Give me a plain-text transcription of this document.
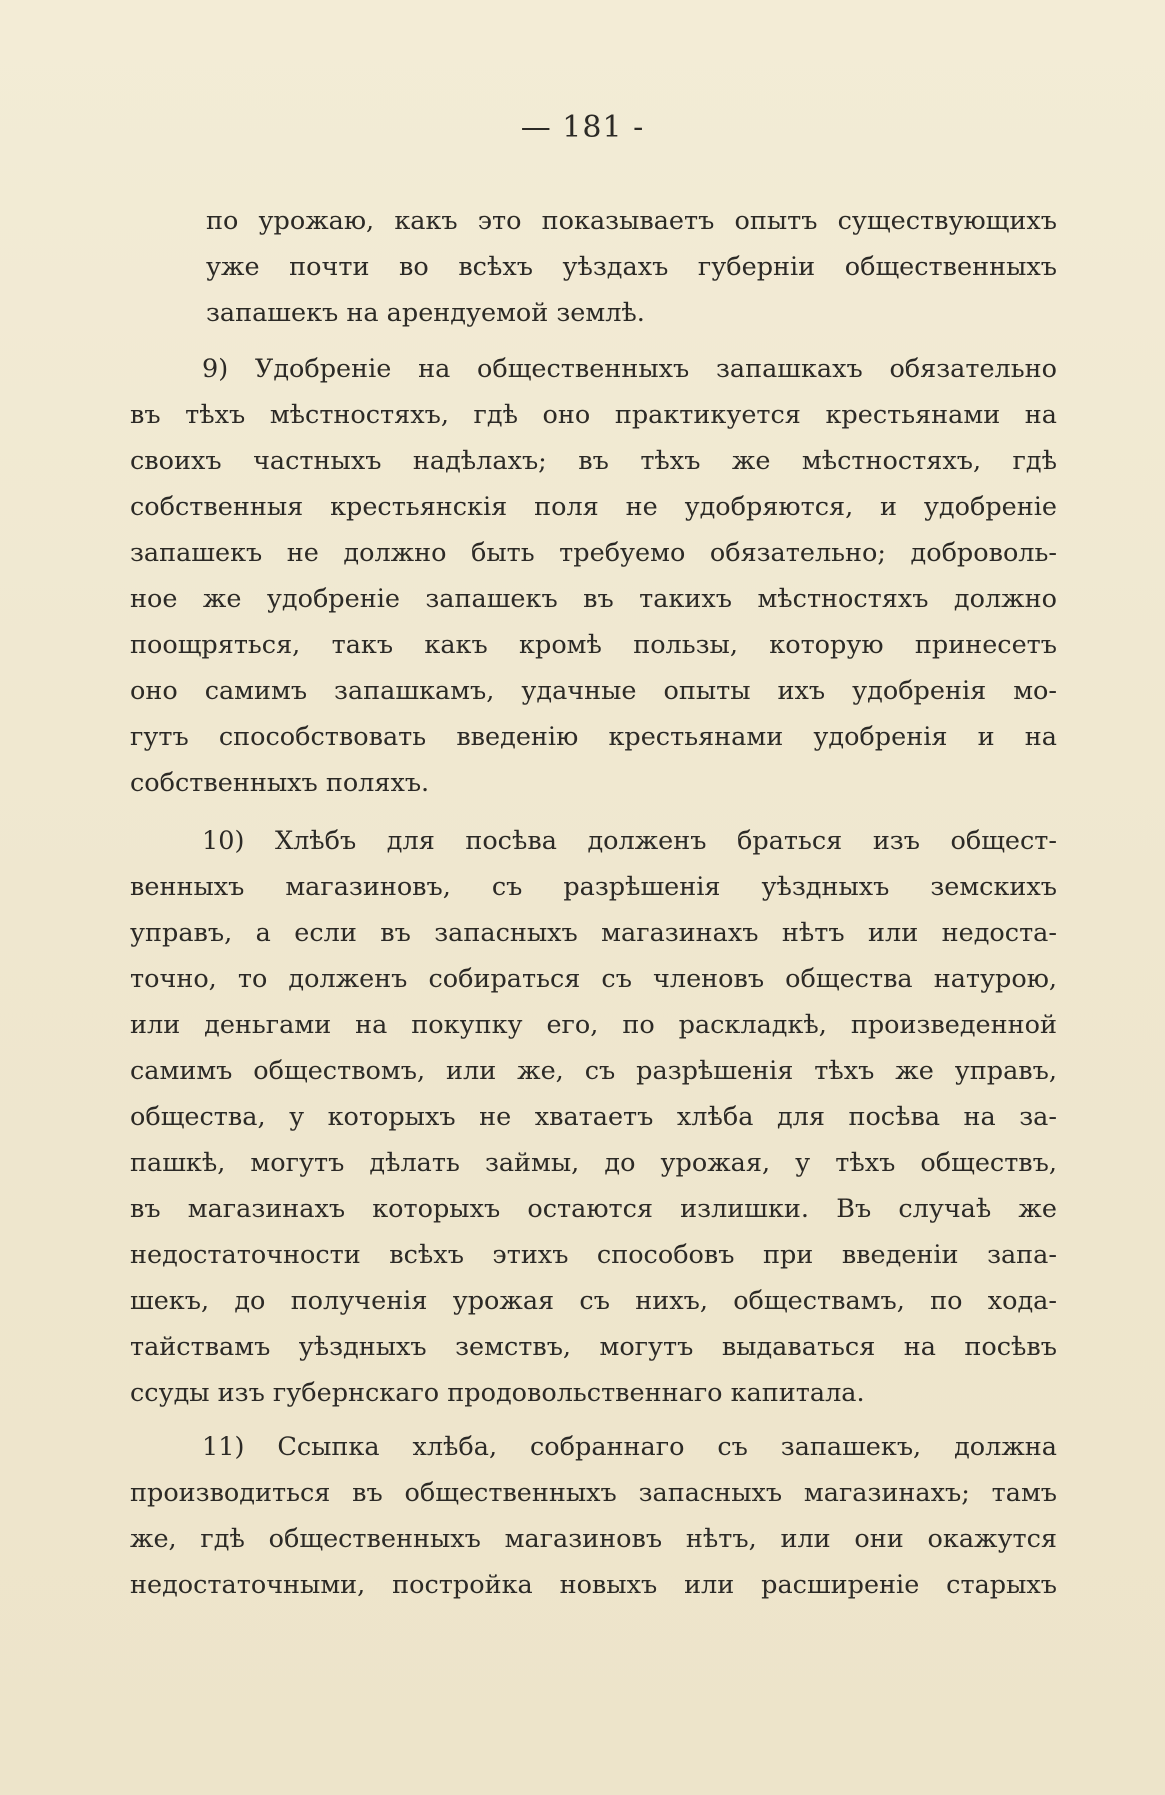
— 181 -
по урожаю, какъ это показываетъ опытъ существующихъ
уже почти во всѣхъ уѣздахъ губерніи общественныхъ
запашекъ на арендуемой землѣ.
9) Удобреніе на общественныхъ запашкахъ обязательно
въ тѣхъ мѣстностяхъ, гдѣ оно практикуется крестьянами на
своихъ частныхъ надѣлахъ; въ тѣхъ же мѣстностяхъ, гдѣ
собственныя крестьянскія поля не удобряются, и удобреніе
запашекъ не должно быть требуемо обязательно; доброволь-
ное же удобреніе запашекъ въ такихъ мѣстностяхъ должно
поощряться, такъ какъ кромѣ пользы, которую принесетъ
оно самимъ запашкамъ, удачные опыты ихъ удобренія мо-
гутъ способствовать введенію крестьянами удобренія и на
собственныхъ поляхъ.
10) Хлѣбъ для посѣва долженъ браться изъ общест-
венныхъ магазиновъ, съ разрѣшенія уѣздныхъ земскихъ
управъ, а если въ запасныхъ магазинахъ нѣтъ или недоста-
точно, то долженъ собираться съ членовъ общества натурою,
или деньгами на покупку его, по раскладкѣ, произведенной
самимъ обществомъ, или же, съ разрѣшенія тѣхъ же управъ,
общества, у которыхъ не хватаетъ хлѣба для посѣва на за-
пашкѣ, могутъ дѣлать займы, до урожая, у тѣхъ обществъ,
въ магазинахъ которыхъ остаются излишки. Въ случаѣ же
недостаточности всѣхъ этихъ способовъ при введеніи запа-
шекъ, до полученія урожая съ нихъ, обществамъ, по хода-
тайствамъ уѣздныхъ земствъ, могутъ выдаваться на посѣвъ
ссуды изъ губернскаго продовольственнаго капитала.
11) Ссыпка хлѣба, собраннаго съ запашекъ, должна
производиться въ общественныхъ запасныхъ магазинахъ; тамъ
же, гдѣ общественныхъ магазиновъ нѣтъ, или они окажутся
недостаточными, постройка новыхъ или расширеніе старыхъ
